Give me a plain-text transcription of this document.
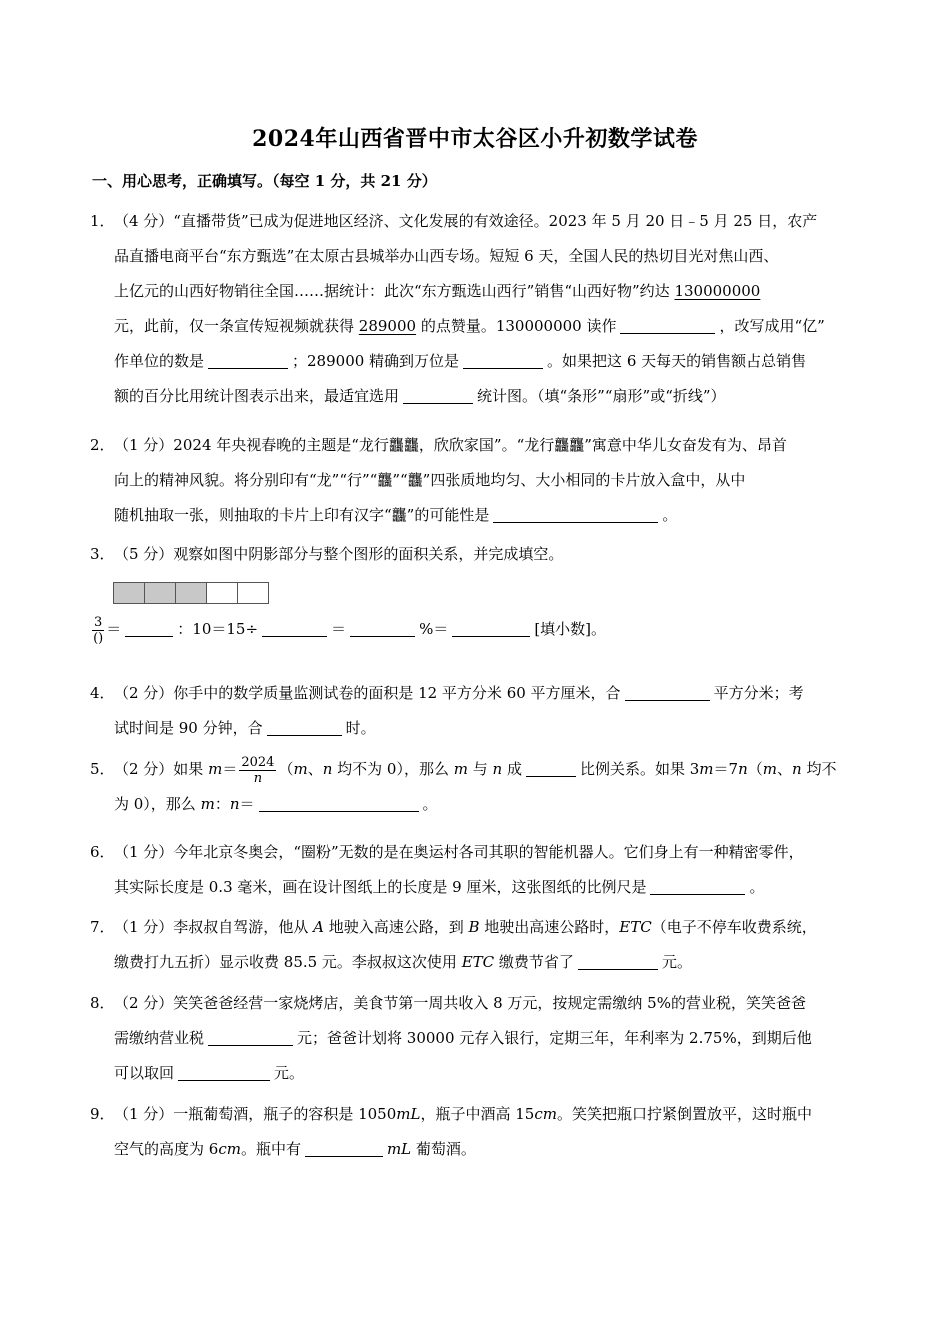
2024年山西省晋中市太谷区小升初数学试卷
一、用心思考，正确填写。（每空 1 分，共 21 分）
1．（4 分）“直播带货”已成为促进地区经济、文化发展的有效途径。2023 年 5 月 20 日﹣5 月 25 日，农产
品直播电商平台“东方甄选”在太原古县城举办山西专场。短短 6 天，全国人民的热切目光对焦山西、
上亿元的山西好物销往全国……据统计：此次“东方甄选山西行”销售“山西好物”约达 130000000
元，此前，仅一条宣传短视频就获得 289000 的点赞量。130000000 读作	，改写成用“亿”
作单位的数是	；289000 精确到万位是	。如果把这 6 天每天的销售额占总销售
额的百分比用统计图表示出来，最适宜选用	统计图。（填“条形”“扇形”或“折线”）
2．（1 分）2024 年央视春晚的主题是“龙行龘龘，欣欣家国”。“龙行龘龘”寓意中华儿女奋发有为、昂首
向上的精神风貌。将分别印有“龙”“行”“龘”“龘”四张质地均匀、大小相同的卡片放入盒中，从中
随机抽取一张，则抽取的卡片上印有汉字“龘”的可能性是	。
3．（5 分）观察如图中阴影部分与整个图形的面积关系，并完成填空。
$\frac{3}{()}$ ＝	：10＝15÷	＝	%＝	[填小数]。
4．（2 分）你手中的数学质量监测试卷的面积是 12 平方分米 60 平方厘米，合	平方分米；考
试时间是 90 分钟，合	时。
5．（2 分）如果 $m= \frac{2024}{n} (m$、n 均不为 0），那么 m 与 n 成	比例关系。如果 3m＝7n（m、n 均不
为 0），那么 m：n＝	。
6．（1 分）今年北京冬奥会，“圈粉”无数的是在奥运村各司其职的智能机器人。它们身上有一种精密零件，
其实际长度是 0.3 毫米，画在设计图纸上的长度是 9 厘米，这张图纸的比例尺是	。
7．（1 分）李叔叔自驾游，他从 A 地驶入高速公路，到 B 地驶出高速公路时，ETC（电子不停车收费系统，
缴费打九五折）显示收费 85.5 元。李叔叔这次使用 ETC 缴费节省了	元。
8．（2 分）笑笑爸爸经营一家烧烤店，美食节第一周共收入 8 万元，按规定需缴纳 5%的营业税，笑笑爸爸
需缴纳营业税	元；爸爸计划将 30000 元存入银行，定期三年，年利率为 2.75%，到期后他
可以取回	元。
9．（1 分）一瓶葡萄酒，瓶子的容积是 1050mL，瓶子中酒高 15cm。笑笑把瓶口拧紧倒置放平，这时瓶中
空气的高度为 6cm。瓶中有	mL 葡萄酒。
